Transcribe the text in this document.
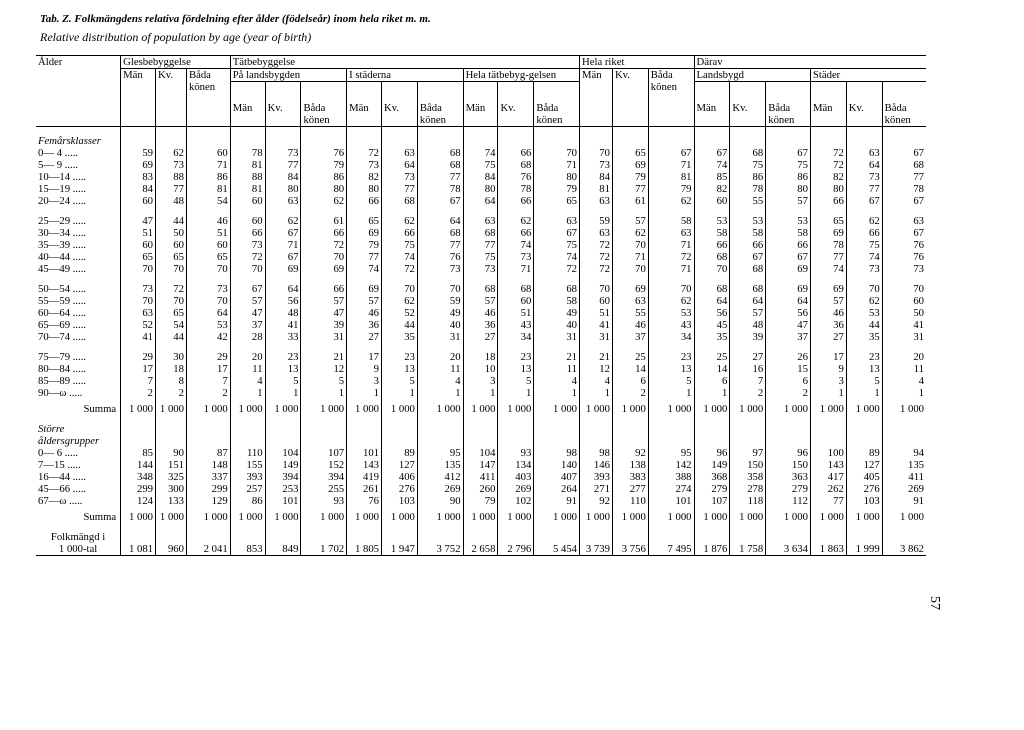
Tab. Z. Folkmängdens relativa fördelning efter ålder (födelseår) inom hela riket m. m.
Relative distribution of population by age (year of birth)
57
Ålder	Glesbebyggelse			Tätbebyggelse									Hela riket			Därav					
	Män	Kv.	Båda könen	På landsbygden			I städerna			Hela tätbebyg-gelsen			Män	Kv.	Båda könen	Landsbygd			Städer		
				Män	Kv.	Båda könen	Män	Kv.	Båda könen	Män	Kv.	Båda könen				Män	Kv.	Båda könen	Män	Kv.	Båda könen

Femårsklasser																					
0— 4 .....	59	62	60	78	73	76	72	63	68	74	66	70	70	65	67	67	68	67	72	63	67
5— 9 .....	69	73	71	81	77	79	73	64	68	75	68	71	73	69	71	74	75	75	72	64	68
10—14 .....	83	88	86	88	84	86	82	73	77	84	76	80	84	79	81	85	86	86	82	73	77
15—19 .....	84	77	81	81	80	80	80	77	78	80	78	79	81	77	79	82	78	80	80	77	78
20—24 .....	60	48	54	60	63	62	66	68	67	64	66	65	63	61	62	60	55	57	66	67	67

25—29 .....	47	44	46	60	62	61	65	62	64	63	62	63	59	57	58	53	53	53	65	62	63
30—34 .....	51	50	51	66	67	66	69	66	68	68	66	67	63	62	63	58	58	58	69	66	67
35—39 .....	60	60	60	73	71	72	79	75	77	77	74	75	72	70	71	66	66	66	78	75	76
40—44 .....	65	65	65	72	67	70	77	74	76	75	73	74	72	71	72	68	67	67	77	74	76
45—49 .....	70	70	70	70	69	69	74	72	73	73	71	72	72	70	71	70	68	69	74	73	73

50—54 .....	73	72	73	67	64	66	69	70	70	68	68	68	70	69	70	68	68	69	69	70	70
55—59 .....	70	70	70	57	56	57	57	62	59	57	60	58	60	63	62	64	64	64	57	62	60
60—64 .....	63	65	64	47	48	47	46	52	49	46	51	49	51	55	53	56	57	56	46	53	50
65—69 .....	52	54	53	37	41	39	36	44	40	36	43	40	41	46	43	45	48	47	36	44	41
70—74 .....	41	44	42	28	33	31	27	35	31	27	34	31	31	37	34	35	39	37	27	35	31

75—79 .....	29	30	29	20	23	21	17	23	20	18	23	21	21	25	23	25	27	26	17	23	20
80—84 .....	17	18	17	11	13	12	9	13	11	10	13	11	12	14	13	14	16	15	9	13	11
85—89 .....	7	8	7	4	5	5	3	5	4	3	5	4	4	6	5	6	7	6	3	5	4
90—ω .....	2	2	2	1	1	1	1	1	1	1	1	1	1	2	1	1	2	2	1	1	1

Summa	1 000	1 000	1 000	1 000	1 000	1 000	1 000	1 000	1 000	1 000	1 000	1 000	1 000	1 000	1 000	1 000	1 000	1 000	1 000	1 000	1 000

Större åldersgrupper																					
0— 6 .....	85	90	87	110	104	107	101	89	95	104	93	98	98	92	95	96	97	96	100	89	94
7—15 .....	144	151	148	155	149	152	143	127	135	147	134	140	146	138	142	149	150	150	143	127	135
16—44 .....	348	325	337	393	394	394	419	406	412	411	403	407	393	383	388	368	358	363	417	405	411
45—66 .....	299	300	299	257	253	255	261	276	269	260	269	264	271	277	274	279	278	279	262	276	269
67—ω .....	124	133	129	86	101	93	76	103	90	79	102	91	92	110	101	107	118	112	77	103	91

Summa	1 000	1 000	1 000	1 000	1 000	1 000	1 000	1 000	1 000	1 000	1 000	1 000	1 000	1 000	1 000	1 000	1 000	1 000	1 000	1 000	1 000

Folkmängd i																					
1 000-tal	1 081	960	2 041	853	849	1 702	1 805	1 947	3 752	2 658	2 796	5 454	3 739	3 756	7 495	1 876	1 758	3 634	1 863	1 999	3 862
